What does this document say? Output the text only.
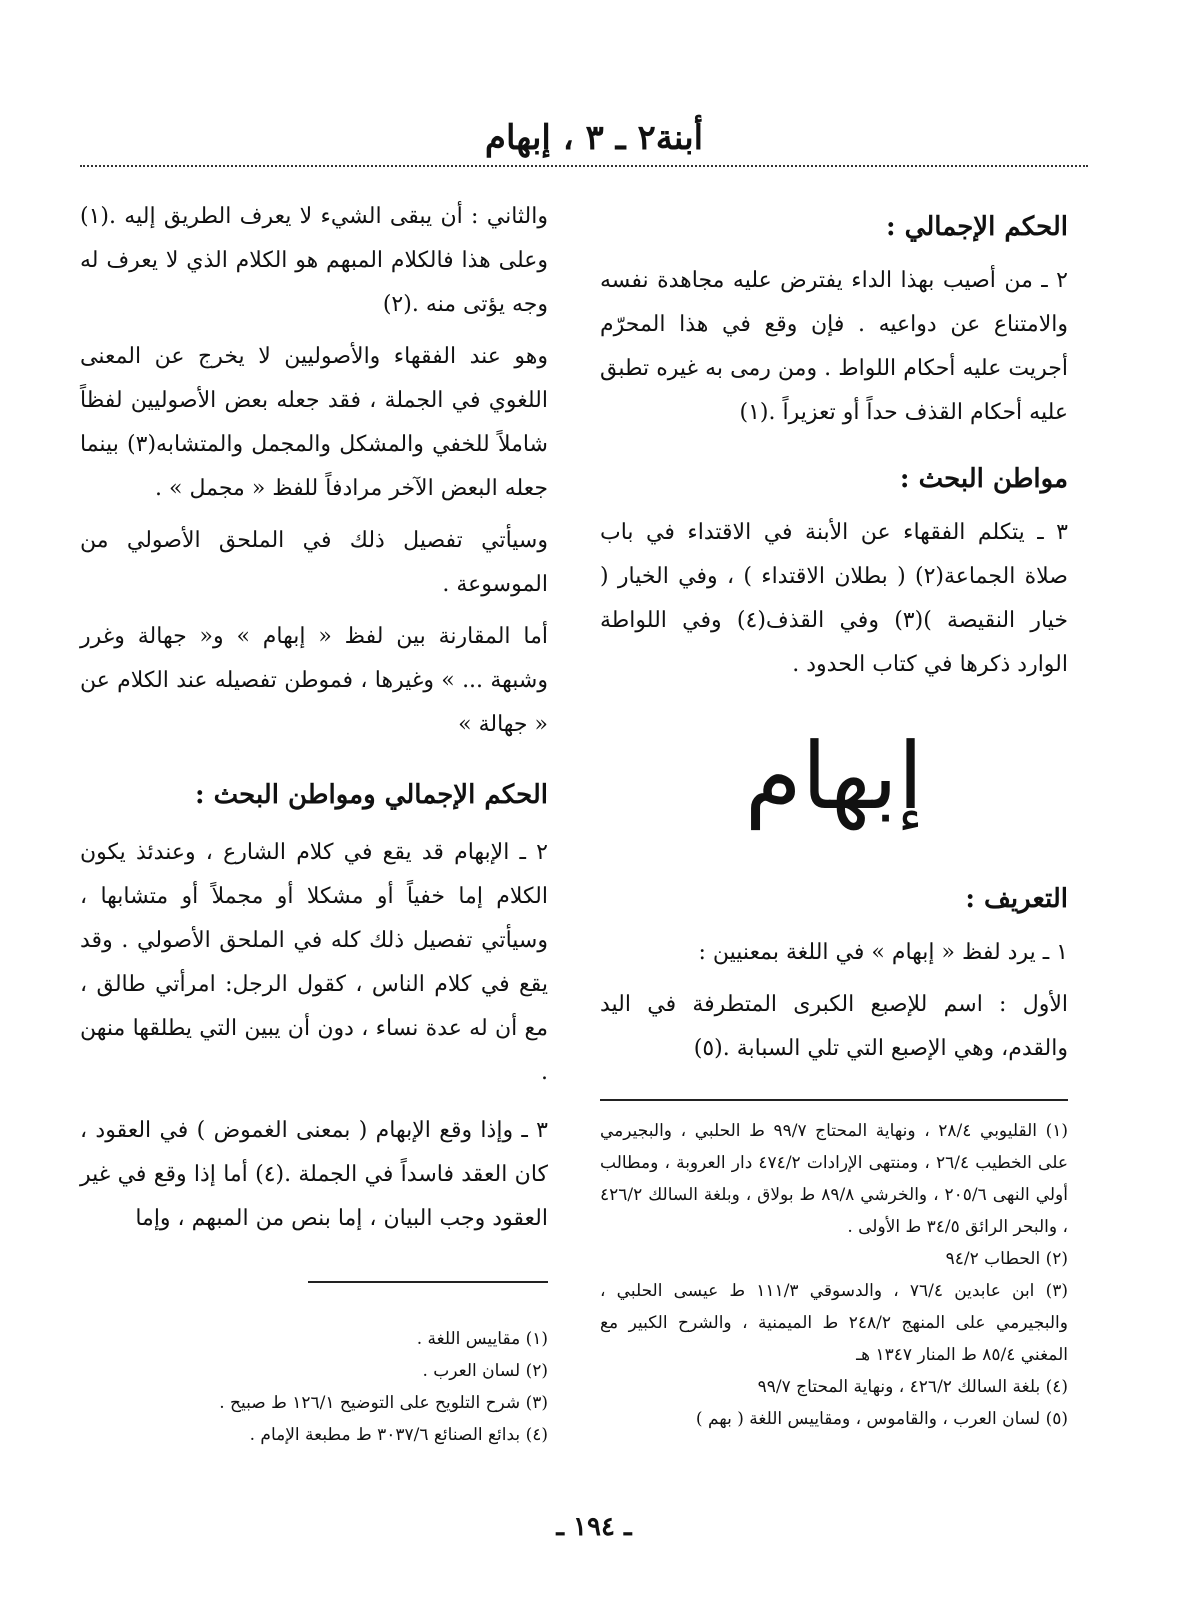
أبنة٢ ـ ٣ ، إبهام
الحكم الإجمالي :

٢ ـ من أصيب بهذا الداء يفترض عليه مجاهدة نفسه والامتناع عن دواعيه . فإن وقع في هذا المحرّم أجريت عليه أحكام اللواط . ومن رمى به غيره تطبق عليه أحكام القذف حداً أو تعزيراً .(١)

مواطن البحث :

٣ ـ يتكلم الفقهاء عن الأبنة في الاقتداء في باب صلاة الجماعة(٢) ( بطلان الاقتداء ) ، وفي الخيار ( خيار النقيصة )(٣) وفي القذف(٤) وفي اللواطة الوارد ذكرها في كتاب الحدود .

إبهام
التعريف :

١ ـ يرد لفظ « إبهام » في اللغة بمعنيين :

الأول : اسم للإصبع الكبرى المتطرفة في اليد والقدم، وهي الإصبع التي تلي السبابة .(٥)

(١) القليوبي ٢٨/٤ ، ونهاية المحتاج ٩٩/٧ ط الحلبي ، والبجيرمي على الخطيب ٢٦/٤ ، ومنتهى الإرادات ٤٧٤/٢ دار العروبة ، ومطالب أولي النهى ٢٠٥/٦ ، والخرشي ٨٩/٨ ط بولاق ، وبلغة السالك ٤٢٦/٢ ، والبحر الرائق ٣٤/٥ ط الأولى .
(٢) الحطاب ٩٤/٢
(٣) ابن عابدين ٧٦/٤ ، والدسوقي ١١١/٣ ط عيسى الحلبي ، والبجيرمي على المنهج ٢٤٨/٢ ط الميمنية ، والشرح الكبير مع المغني ٨٥/٤ ط المنار ١٣٤٧ هـ
(٤) بلغة السالك ٤٢٦/٢ ، ونهاية المحتاج ٩٩/٧
(٥) لسان العرب ، والقاموس ، ومقاييس اللغة ( بهم )

والثاني : أن يبقى الشيء لا يعرف الطريق إليه .(١) وعلى هذا فالكلام المبهم هو الكلام الذي لا يعرف له وجه يؤتى منه .(٢)

وهو عند الفقهاء والأصوليين لا يخرج عن المعنى اللغوي في الجملة ، فقد جعله بعض الأصوليين لفظاً شاملاً للخفي والمشكل والمجمل والمتشابه(٣) بينما جعله البعض الآخر مرادفاً للفظ « مجمل » .

وسيأتي تفصيل ذلك في الملحق الأصولي من الموسوعة .

أما المقارنة بين لفظ « إبهام » و« جهالة وغرر وشبهة ... » وغيرها ، فموطن تفصيله عند الكلام عن « جهالة »

الحكم الإجمالي ومواطن البحث :

٢ ـ الإبهام قد يقع في كلام الشارع ، وعندئذ يكون الكلام إما خفياً أو مشكلا أو مجملاً أو متشابها ، وسيأتي تفصيل ذلك كله في الملحق الأصولي . وقد يقع في كلام الناس ، كقول الرجل: امرأتي طالق ، مع أن له عدة نساء ، دون أن يبين التي يطلقها منهن .

٣ ـ وإذا وقع الإبهام ( بمعنى الغموض ) في العقود ، كان العقد فاسداً في الجملة .(٤) أما إذا وقع في غير العقود وجب البيان ، إما بنص من المبهم ، وإما

(١) مقاييس اللغة .
(٢) لسان العرب .
(٣) شرح التلويح على التوضيح ١٢٦/١ ط صبيح .
(٤) بدائع الصنائع ٣٠٣٧/٦ ط مطبعة الإمام .
ـ ١٩٤ ـ
